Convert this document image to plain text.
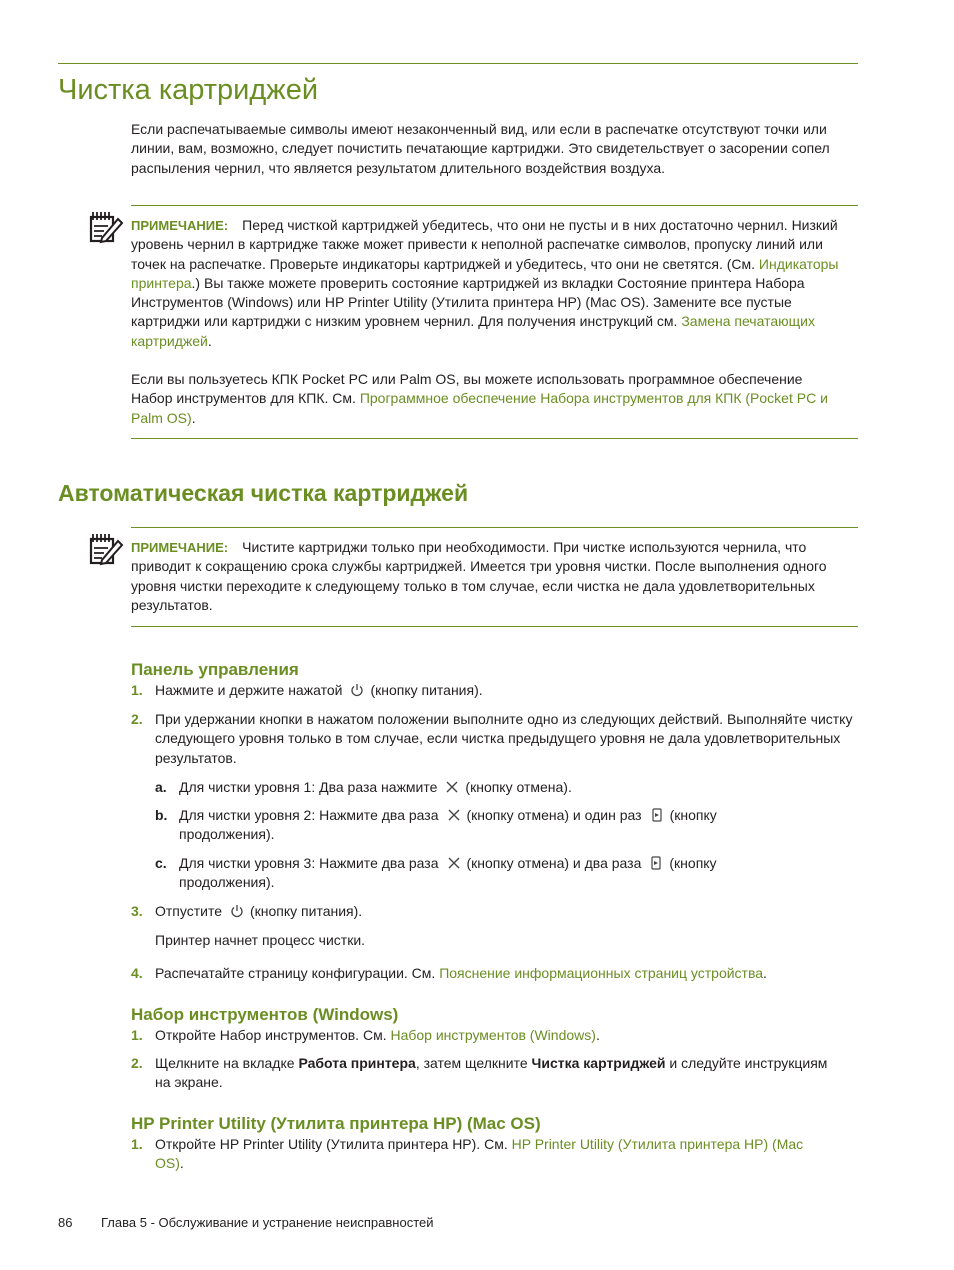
Чистка картриджей

Если распечатываемые символы имеют незаконченный вид, или если в распечатке отсутствуют точки или линии, вам, возможно, следует почистить печатающие картриджи. Это свидетельствует о засорении сопел распыления чернил, что является результатом длительного воздействия воздуха.

ПРИМЕЧАНИЕ: Перед чисткой картриджей убедитесь, что они не пусты и в них достаточно чернил. Низкий уровень чернил в картридже также может привести к неполной распечатке символов, пропуску линий или точек на распечатке. Проверьте индикаторы картриджей и убедитесь, что они не светятся. (См. Индикаторы принтера.) Вы также можете проверить состояние картриджей из вкладки Состояние принтера Набора Инструментов (Windows) или HP Printer Utility (Утилита принтера HP) (Mac OS). Замените все пустые картриджи или картриджи с низким уровнем чернил. Для получения инструкций см. Замена печатающих картриджей.
Если вы пользуетесь КПК Pocket PC или Palm OS, вы можете использовать программное обеспечение Набор инструментов для КПК. См. Программное обеспечение Набора инструментов для КПК (Pocket PC и Palm OS).
Автоматическая чистка картриджей
ПРИМЕЧАНИЕ: Чистите картриджи только при необходимости. При чистке используются чернила, что приводит к сокращению срока службы картриджей. Имеется три уровня чистки. После выполнения одного уровня чистки переходите к следующему только в том случае, если чистка не дала удовлетворительных результатов.
Панель управления
1. Нажмите и держите нажатой (кнопку питания).
2. При удержании кнопки в нажатом положении выполните одно из следующих действий. Выполняйте чистку следующего уровня только в том случае, если чистка предыдущего уровня не дала удовлетворительных результатов.

a. Для чистки уровня 1: Два раза нажмите (кнопку отмена).
b. Для чистки уровня 2: Нажмите два раза (кнопку отмена) и один раз (кнопку
продолжения).
c. Для чистки уровня 3: Нажмите два раза (кнопку отмена) и два раза (кнопку
продолжения).
3. Отпустите (кнопку питания).

Принтер начнет процесс чистки.

4. Распечатайте страницу конфигурации. См. Пояснение информационных страниц устройства.
Набор инструментов (Windows)
1. Откройте Набор инструментов. См. Набор инструментов (Windows).
2. Щелкните на вкладке Работа принтера, затем щелкните Чистка картриджей и следуйте инструкциям на экране.
HP Printer Utility (Утилита принтера HP) (Mac OS)
1. Откройте HP Printer Utility (Утилита принтера HP). См. HP Printer Utility (Утилита принтера HP) (Mac OS).
86 Глава 5 - Обслуживание и устранение неисправностей
